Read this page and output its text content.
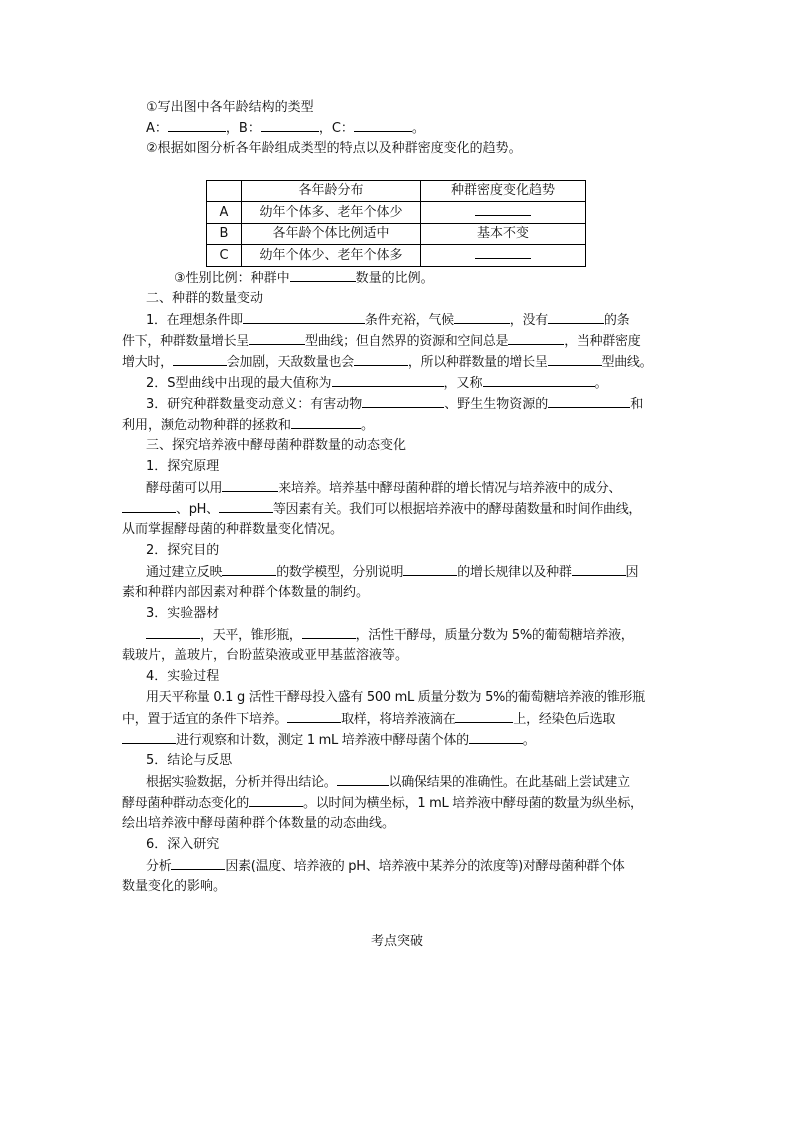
①写出图中各年龄结构的类型
A：	，B：	，C：	。
②根据如图分析各年龄组成类型的特点以及种群密度变化的趋势。
	各年龄分布	种群密度变化趋势
A	幼年个体多、老年个体少	
B	各年龄个体比例适中	基本不变
C	幼年个体少、老年个体多	
③性别比例：种群中	数量的比例。
二、种群的数量变动
1．在理想条件即	条件充裕，气候	，没有	的条
件下，种群数量增长呈	型曲线；但自然界的资源和空间总是	，当种群密度
增大时，	会加剧，天敌数量也会	，所以种群数量的增长呈	型曲线。
2．S型曲线中出现的最大值称为	，又称	。
3．研究种群数量变动意义：有害动物	、野生生物资源的	和
利用，濒危动物种群的拯救和	。
三、探究培养液中酵母菌种群数量的动态变化
1．探究原理
酵母菌可以用	来培养。培养基中酵母菌种群的增长情况与培养液中的成分、
、pH、	等因素有关。我们可以根据培养液中的酵母菌数量和时间作曲线，
从而掌握酵母菌的种群数量变化情况。
2．探究目的
通过建立反映	的数学模型，分别说明	的增长规律以及种群	因
素和种群内部因素对种群个体数量的制约。
3．实验器材
，天平，锥形瓶，	，活性干酵母，质量分数为 5%的葡萄糖培养液，
载玻片，盖玻片，台盼蓝染液或亚甲基蓝溶液等。
4．实验过程
用天平称量 0.1 g 活性干酵母投入盛有 500 mL 质量分数为 5%的葡萄糖培养液的锥形瓶
中，置于适宜的条件下培养。	取样，将培养液滴在	上，经染色后选取
进行观察和计数，测定 1 mL 培养液中酵母菌个体的	。
5．结论与反思
根据实验数据，分析并得出结论。	以确保结果的准确性。在此基础上尝试建立
酵母菌种群动态变化的	。以时间为横坐标，1 mL 培养液中酵母菌的数量为纵坐标，
绘出培养液中酵母菌种群个体数量的动态曲线。
6．深入研究
分析	因素(温度、培养液的 pH、培养液中某养分的浓度等)对酵母菌种群个体
数量变化的影响。
考点突破
